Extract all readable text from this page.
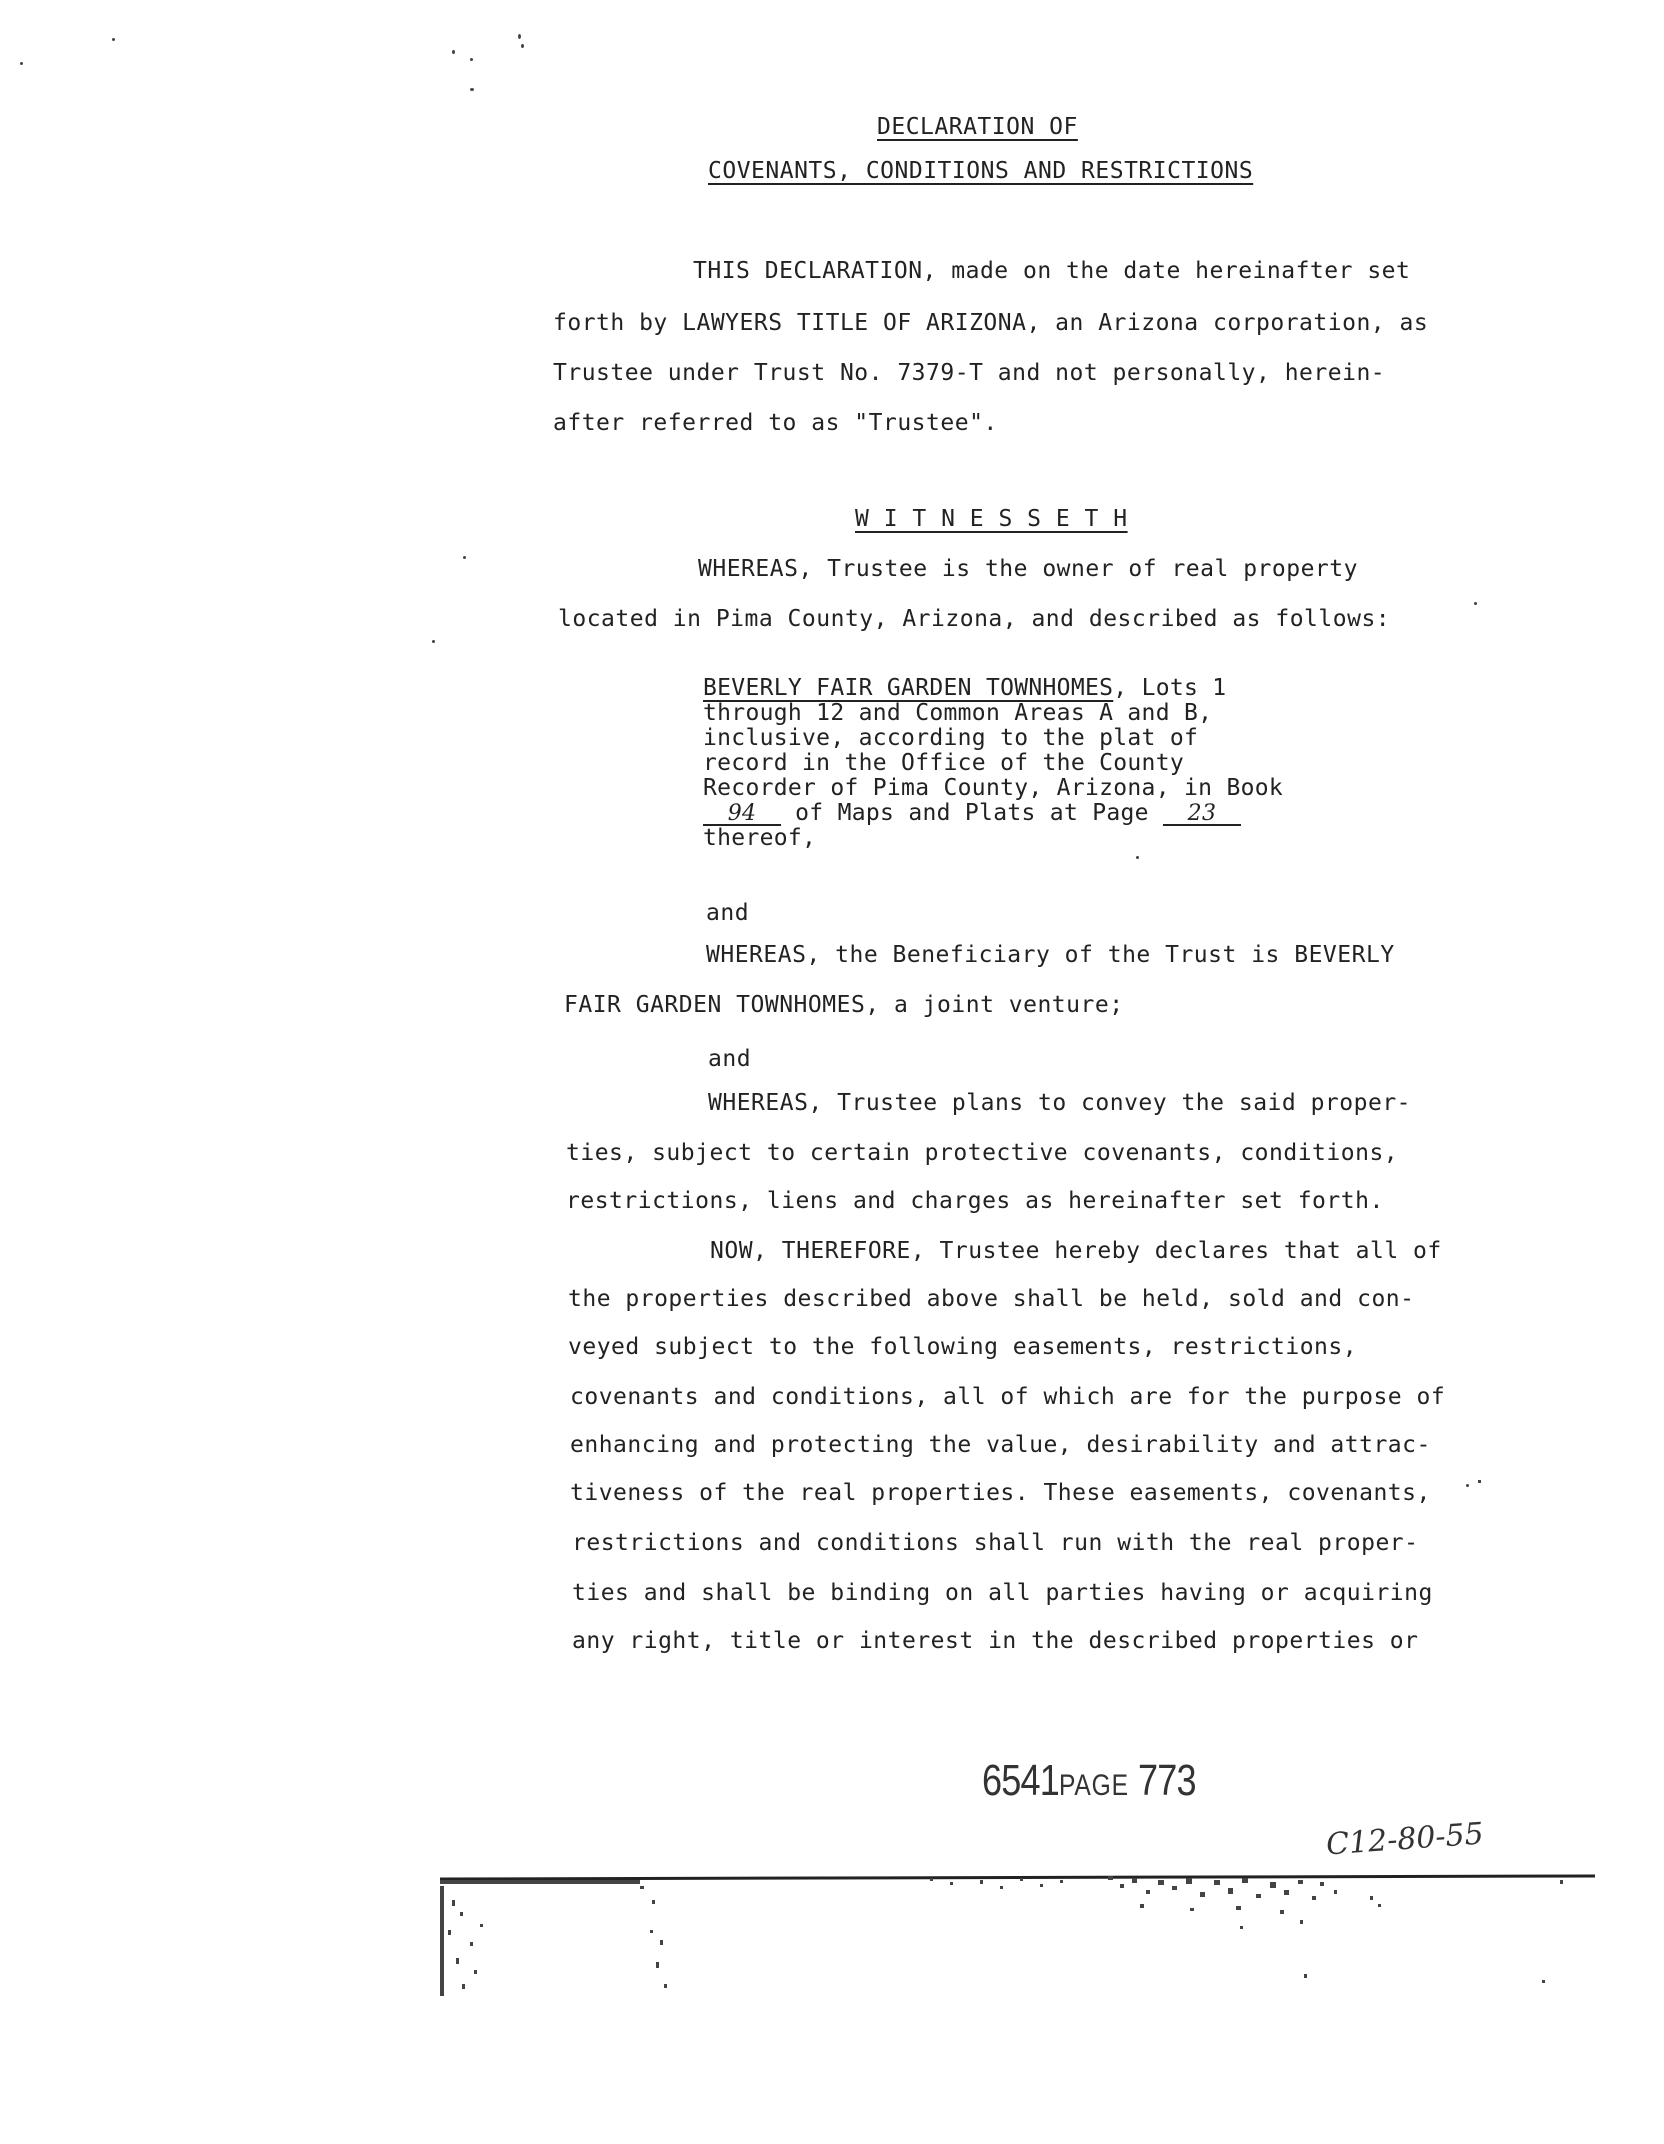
DECLARATION OF
COVENANTS, CONDITIONS AND RESTRICTIONS
THIS DECLARATION, made on the date hereinafter set
forth by LAWYERS TITLE OF ARIZONA, an Arizona corporation, as
Trustee under Trust No. 7379-T and not personally, herein-
after referred to as "Trustee".
W I T N E S S E T H
WHEREAS, Trustee is the owner of real property
located in Pima County, Arizona, and described as follows:
BEVERLY FAIR GARDEN TOWNHOMES, Lots 1
through 12 and Common Areas A and B,
inclusive, according to the plat of
record in the Office of the County
Recorder of Pima County, Arizona, in Book
94 of Maps and Plats at Page 23
thereof,
and
WHEREAS, the Beneficiary of the Trust is BEVERLY
FAIR GARDEN TOWNHOMES, a joint venture;
and
WHEREAS, Trustee plans to convey the said proper-
ties, subject to certain protective covenants, conditions,
restrictions, liens and charges as hereinafter set forth.
NOW, THEREFORE, Trustee hereby declares that all of
the properties described above shall be held, sold and con-
veyed subject to the following easements, restrictions,
covenants and conditions, all of which are for the purpose of
enhancing and protecting the value, desirability and attrac-
tiveness of the real properties. These easements, covenants,
restrictions and conditions shall run with the real proper-
ties and shall be binding on all parties having or acquiring
any right, title or interest in the described properties or
6541PAGE 773
C12-80-55
